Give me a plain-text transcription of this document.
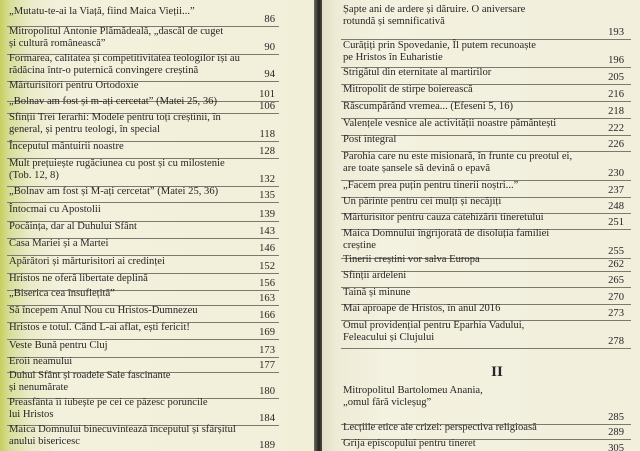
„Mutatu-te-ai la Viață, fiind Maica Vieții...”
86
Mitropolitul Antonie Plămădeală, „dascăl de cuget
și cultură românească”	90
Formarea, calitatea și competitivitatea teologilor își au
rădăcina într-o puternică convingere creștină	94
Mărturisitori pentru Ortodoxie
101
„Bolnav am fost și m-ați cercetat” (Matei 25, 36)	106
Sfinții Trei Ierarhi: Modele pentru toți creștinii, în
general, și pentru teologi, în special	118
Începutul mântuirii noastre	128
Mult prețuiește rugăciunea cu post și cu milostenie
(Tob. 12, 8)	132
„Bolnav am fost și M-ați cercetat” (Matei 25, 36)	135
Întocmai cu Apostolii	139
Pocăința, dar al Duhului Sfânt	143
Casa Mariei și a Martei	146
Apărători și mărturisitori ai credinței	152
Hristos ne oferă libertate deplină	156
„Biserica cea însuflețită”	163
Să începem Anul Nou cu Hristos-Dumnezeu	166
Hristos e totul. Când L-ai aflat, ești fericit!	169
Veste Bună pentru Cluj	173
Eroii neamului	177
Duhul Sfânt și roadele Sale fascinante
și nenumărate	180
Preasfânta îi iubește pe cei ce păzesc poruncile
lui Hristos	184
Maica Domnului binecuvintează începutul și sfârșitul
anului bisericesc	189
Șapte ani de ardere și dăruire. O aniversare
rotundă și semnificativă
193
Curățiți prin Spovedanie, Îl putem recunoaște
pe Hristos în Euharistie	196
Strigătul din eternitate al martirilor	205
Mitropolit de stirpe boierească	216
Răscumpărând vremea... (Efeseni 5, 16)	218
Valențele vesnice ale activității noastre pământești	222
Post integral	226
Parohia care nu este misionară, în frunte cu preotul ei,
are toate șansele să devină o epavă	230
„Facem prea puțin pentru tinerii noștri...”	237
Un părinte pentru cei mulți și necăjiți	248
Mărturisitor pentru cauza catehizării tineretului	251
Maica Domnului îngrijorată de disoluția familiei
creștine
255
Tinerii creștini vor salva Europa	262
Sfinții ardeleni	265
Taină și minune	270
Mai aproape de Hristos, în anul 2016	273
Omul providențial pentru Eparhia Vadului,
Feleacului și Clujului	278
II
Mitropolitul Bartolomeu Anania,
„omul fără vicleșug”
285
Lecțiile etice ale crizei: perspectiva religioasă	289
Grija episcopului pentru tineret	305
